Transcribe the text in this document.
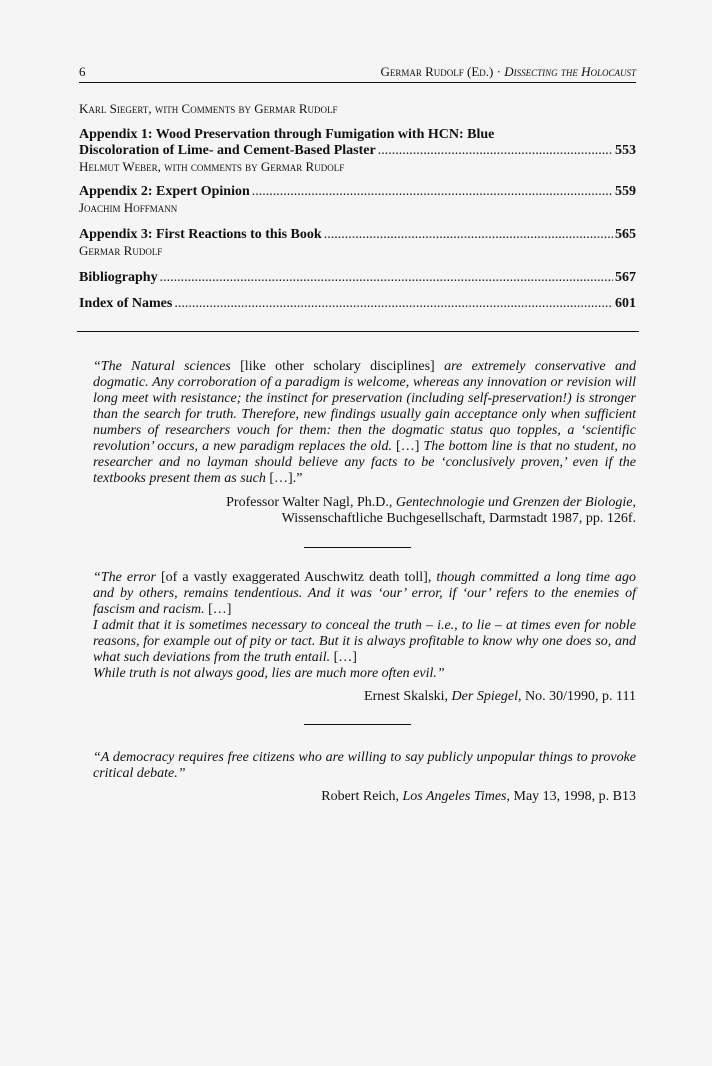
6	Germar Rudolf (Ed.) · Dissecting the Holocaust
Karl Siegert, with Comments by Germar Rudolf
Appendix 1: Wood Preservation through Fumigation with HCN: Blue
Discoloration of Lime- and Cement-Based Plaster .....	553
Helmut Weber, with comments by Germar Rudolf
Appendix 2: Expert Opinion .....	559
Joachim Hoffmann
Appendix 3: First Reactions to this Book .....	565
Germar Rudolf
Bibliography .....	567
Index of Names .....	601
“The Natural sciences [like other scholary disciplines] are extremely conservative and dogmatic. Any corroboration of a paradigm is welcome, whereas any innovation or revision will long meet with resistance; the instinct for preservation (including self-preservation!) is stronger than the search for truth. Therefore, new findings usually gain acceptance only when sufficient numbers of researchers vouch for them: then the dogmatic status quo topples, a ‘scientific revolution’ occurs, a new paradigm replaces the old. […] The bottom line is that no student, no researcher and no layman should believe any facts to be ‘conclusively proven,’ even if the textbooks present them as such […].”
Professor Walter Nagl, Ph.D., Gentechnologie und Grenzen der Biologie,
Wissenschaftliche Buchgesellschaft, Darmstadt 1987, pp. 126f.
“The error [of a vastly exaggerated Auschwitz death toll], though committed a long time ago and by others, remains tendentious. And it was ‘our’ error, if ‘our’ refers to the enemies of fascism and racism. […]
I admit that it is sometimes necessary to conceal the truth – i.e., to lie – at times even for noble reasons, for example out of pity or tact. But it is always profitable to know why one does so, and what such deviations from the truth entail. […]
While truth is not always good, lies are much more often evil.”
Ernest Skalski, Der Spiegel, No. 30/1990, p. 111
“A democracy requires free citizens who are willing to say publicly unpopular things to provoke critical debate.”
Robert Reich, Los Angeles Times, May 13, 1998, p. B13
